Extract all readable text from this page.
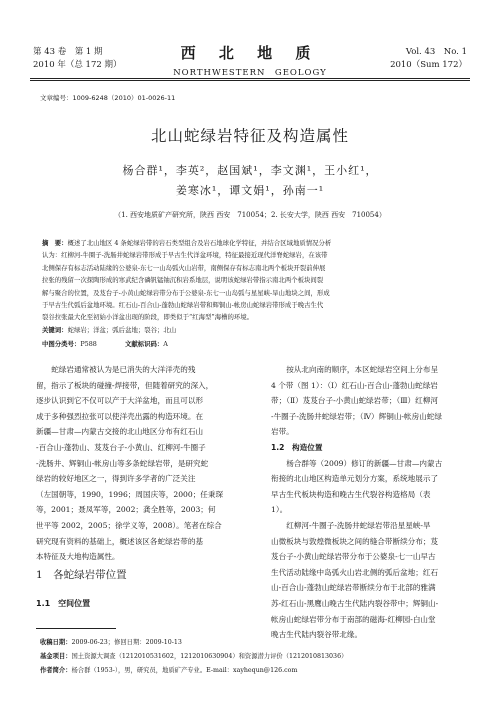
第 43 卷　第 1 期
2010 年（总 172 期）
西 北 地 质
NORTHWESTERN　GEOLOGY
Vol. 43　No. 1
2010（Sum 172）
文章编号：1009-6248（2010）01-0026-11
北山蛇绿岩特征及构造属性
杨合群¹，李英²，赵国斌¹，李文渊¹，王小红¹，
姜寒冰¹，谭文娟¹，孙南一¹
（1. 西安地质矿产研究所，陕西 西安　710054；2. 长安大学，陕西 西安　710054）
摘　要：概述了北山地区 4 条蛇绿岩带的岩石类型组合及岩石地球化学特征，并结合区域地质情况分析
认为：红柳河-牛圈子-洗肠井蛇绿岩带形成于早古生代洋盆环境，特征最接近现代洋脊蛇绿岩，在该带
北侧保存有标志活动陆缘的公婆泉-东七一山岛弧火山岩带，南侧保存有标志南北两个板块开裂前伸展
拉张的残留一次探陶形成的寒武纪含磷钒锰铀沉积岩系地层，说明该蛇绿岩带指示南北两个板块间裂
解与聚合的位置，及芨台子-小黄山蛇绿岩带分布于公婆泉-东七一山岛弧与星星峡-旱山地块之间，形成
于早古生代弧后盆地环境。红石山-百合山-蓬勃山蛇绿岩带和辉铜山-帐房山蛇绿岩带形成于晚古生代
裂谷拉张最大化至初始小洋盆出现的阶段，即类似于“红海型”海槽的环境。
关键词：蛇绿岩；洋盆；弧后盆地；裂谷；北山
中图分类号：P588	文献标识码：A
蛇绿岩通常被认为是已消失的大洋洋壳的残
留，指示了板块的碰撞-焊接带，但随着研究的深入，
逐步认识到它不仅可以产于大洋盆地，而且可以形
成于多种强烈拉张可以使洋壳出露的构造环境。在
新疆—甘肃—内蒙古交接的北山地区分布有红石山
-百合山-蓬勃山、芨芨台子-小黄山、红柳河-牛圈子
-洗肠井、辉铜山-帐房山等多条蛇绿岩带，是研究蛇
绿岩的较好地区之一，得到许多学者的广泛关注
（左国朝等，1990，1996；周国庆等，2000；任秉琛
等，2001；聂凤军等，2002；龚全胜等，2003；何
世平等 2002，2005；徐学义等，2008）。笔者在综合
研究现有资料的基础上，概述该区各蛇绿岩带的基
本特征及大地构造属性。
1　各蛇绿岩带位置
1.1　空间位置
按从北向南的顺序，本区蛇绿岩空间上分布呈
4 个带（图 1）：（Ⅰ）红石山-百合山-蓬勃山蛇绿岩
带；（Ⅱ）芨芨台子-小黄山蛇绿岩带；（Ⅲ）红柳河
-牛圈子-洗肠井蛇绿岩带；（Ⅳ）辉铜山-帐房山蛇绿
岩带。
1.2　构造位置
杨合群等（2009）修订的新疆—甘肃—内蒙古
衔接的北山地区构造单元划分方案，系统地展示了
早古生代板块构造和晚古生代裂谷构造格局（表
1）。
红柳河-牛圈子-洗肠井蛇绿岩带沿星星峡-旱
山微板块与敦煌微板块之间的缝合带断续分布；芨
芨台子-小黄山蛇绿岩带分布于公婆泉-七一山早古
生代活动陆缘中岛弧火山岩北侧的弧后盆地；红石
山-百合山-蓬勃山蛇绿岩带断续分布于北部的雅满
苏-红石山-黑鹰山晚古生代陆内裂谷带中；辉铜山-
帐房山蛇绿岩带分布于南部的磁海-红柳园-白山堂
晚古生代陆内裂谷带北缘。
收稿日期：2009-06-23；修回日期：2009-10-13
基金项目：国土资源大调查（1212010531602，1212010630904）和资源潜力评价（1212010813036）
作者简介：杨合群（1953-），男，研究员，地质矿产专业。E-mail：xayhequn@126.com
